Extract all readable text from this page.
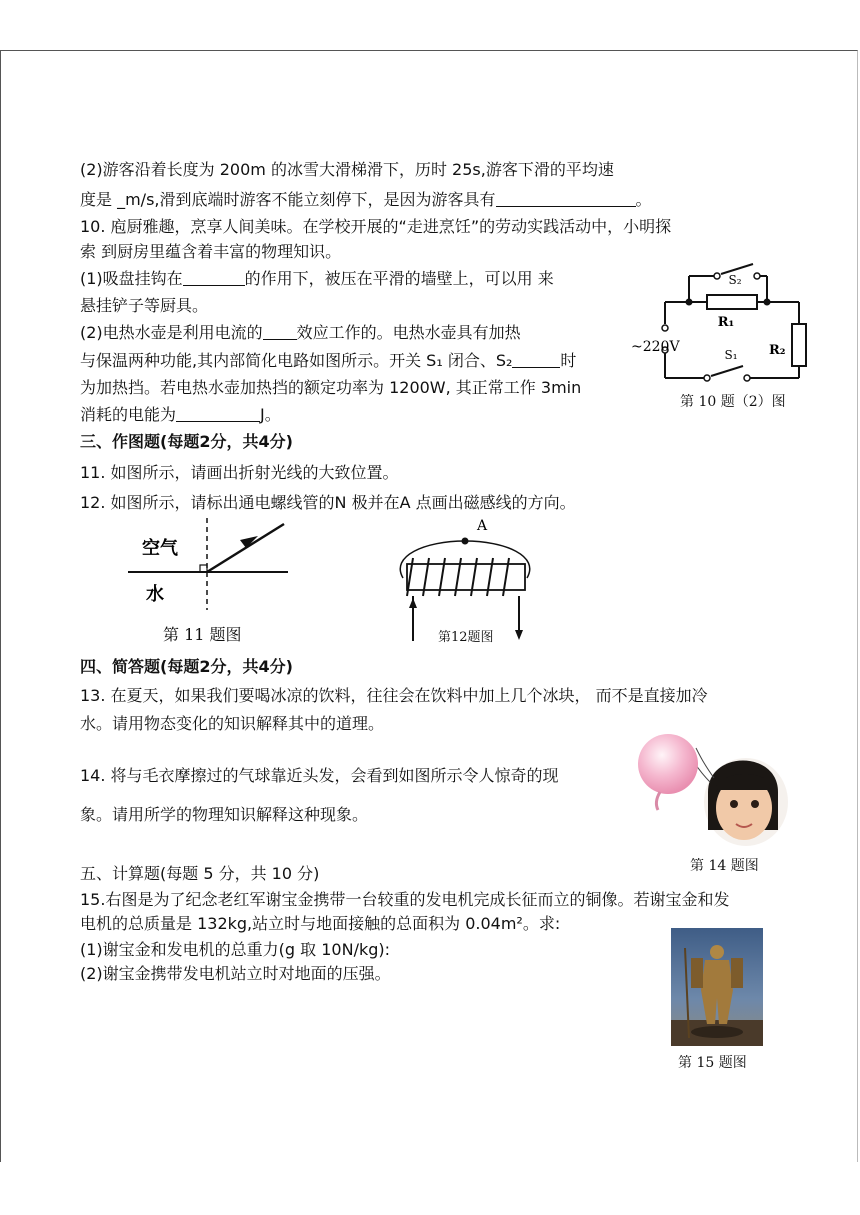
(2)游客沿着长度为 200m 的冰雪大滑梯滑下，历时 25s,游客下滑的平均速
度是 _m/s,滑到底端时游客不能立刻停下，是因为游客具有	。
10. 庖厨雅趣，烹享人间美味。在学校开展的“走进烹饪”的劳动实践活动中，小明探
索 到厨房里蕴含着丰富的物理知识。
(1)吸盘挂钩在	的作用下，被压在平滑的墙壁上，可以用 来
悬挂铲子等厨具。
(2)电热水壶是利用电流的 效应工作的。电热水壶具有加热
与保温两种功能,其内部简化电路如图所示。开关 S₁ 闭合、S₂	时
为加热挡。若电热水壶加热挡的额定功率为 1200W, 其正常工作 3min
消耗的电能为	J。
S₂
R₁
S₁ R₂
~220V
第 10 题（2）图
三、作图题(每题2分，共4分)
11. 如图所示，请画出折射光线的大致位置。
12. 如图所示，请标出通电螺线管的N 极并在A 点画出磁感线的方向。
空气
水
第 11 题图
A
第12题图
四、简答题(每题2分，共4分)
13. 在夏天，如果我们要喝冰凉的饮料，往往会在饮料中加上几个冰块， 而不是直接加冷
水。请用物态变化的知识解释其中的道理。
14. 将与毛衣摩擦过的气球靠近头发，会看到如图所示令人惊奇的现
象。请用所学的物理知识解释这种现象。
第 14 题图
五、计算题(每题 5 分，共 10 分)
15.右图是为了纪念老红军谢宝金携带一台较重的发电机完成长征而立的铜像。若谢宝金和发
电机的总质量是 132kg,站立时与地面接触的总面积为 0.04m²。求:
(1)谢宝金和发电机的总重力(g 取 10N/kg):
(2)谢宝金携带发电机站立时对地面的压强。
第 15 题图
